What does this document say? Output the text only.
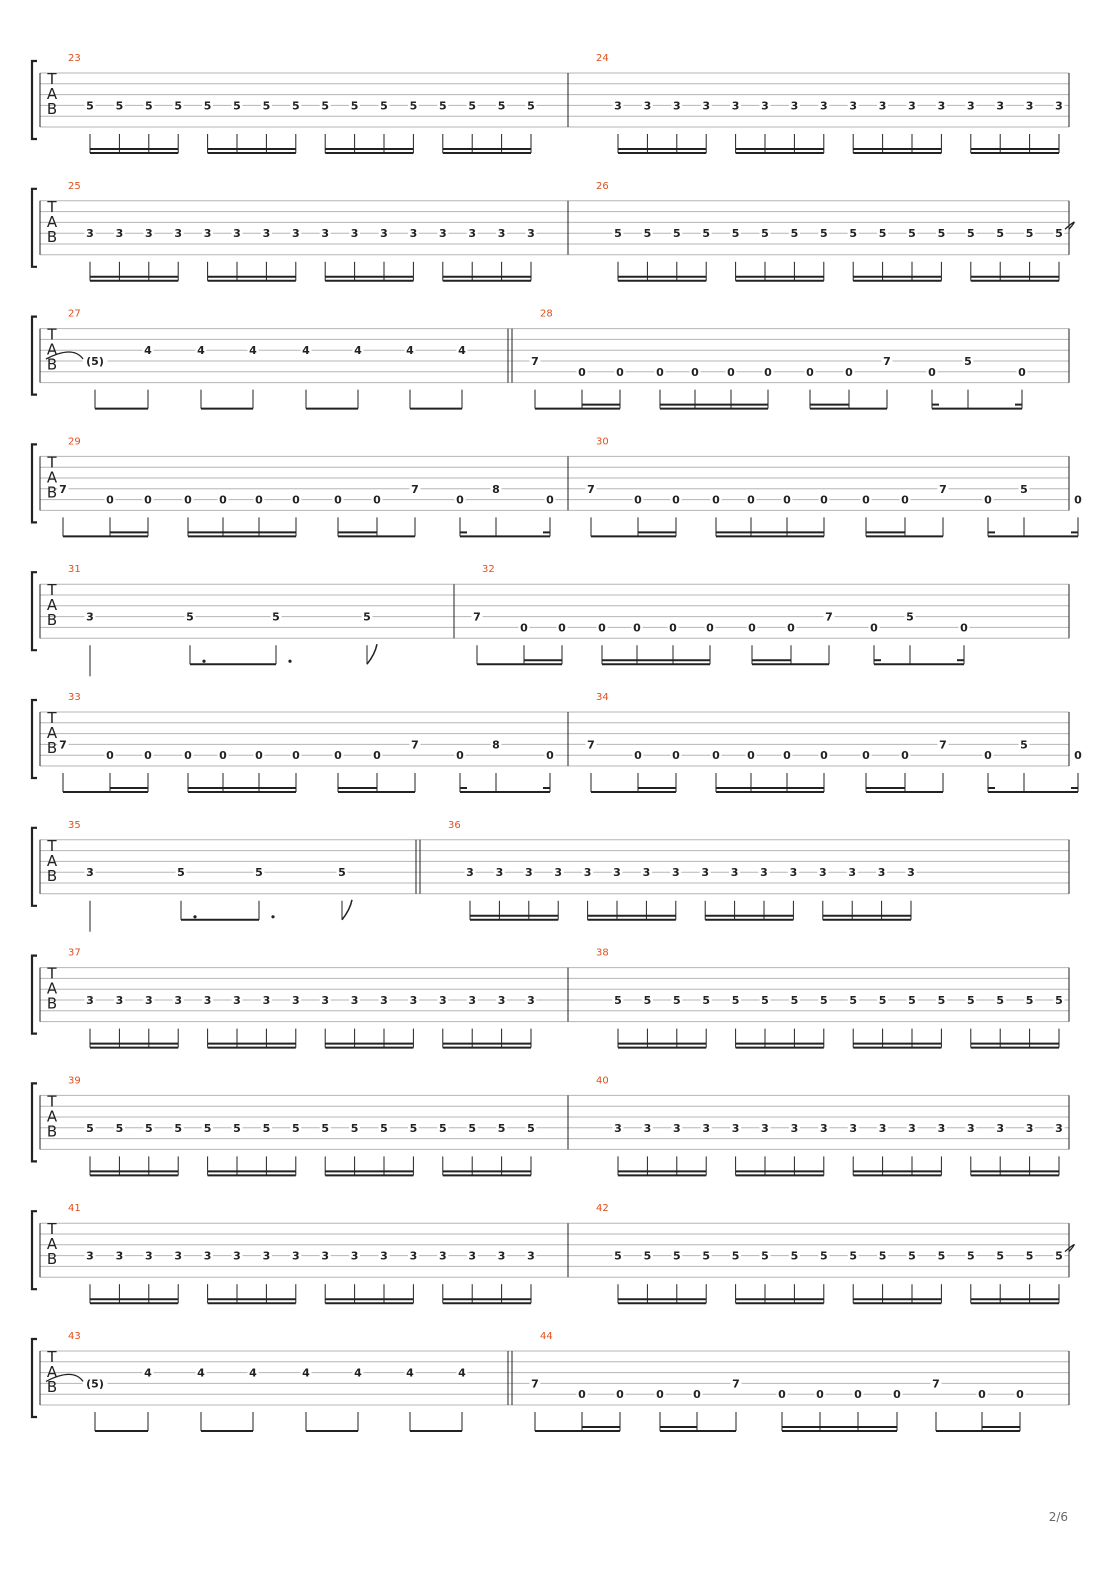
T
A
B
23
5 5 5 5 5 5 5 5 5 5 5 5 5 5 5 5
24
3 3 3 3 3 3 3 3 3 3 3 3 3 3 3 3
T
A
B
25
3 3 3 3 3 3 3 3 3 3 3 3 3 3 3 3
26
5 5 5 5 5 5 5 5 5 5 5 5 5 5 5 5
T
A
B
27
(5)
4	4	4	4	4	4	4
28
7
0	0	0 0	0	0	0	0
7
0
5
0
T
A
B
29
7
0	0	0 0	0	0	0	0
7
0
8
0
30
7
0	0	0 0	0	0	0	0
7
0
5
0
T
A
B
31
3	5	5	5
32
7
0	0	0 0	0	0	0	0
7
0
5
0
T
A
B
33
7
0	0	0 0	0	0	0	0
7
0
8
0
34
7
0	0	0 0	0	0	0	0
7
0
5
0
T
A
B
35
3	5	5	5
36
3 3 3 3 3 3 3 3 3 3 3 3 3 3 3 3
T
A
B
37
3 3 3 3 3 3 3 3 3 3 3 3 3 3 3 3
38
5 5 5 5 5 5 5 5 5 5 5 5 5 5 5 5
T
A
B
39
5 5 5 5 5 5 5 5 5 5 5 5 5 5 5 5
40
3 3 3 3 3 3 3 3 3 3 3 3 3 3 3 3
T
A
B
41
3 3 3 3 3 3 3 3 3 3 3 3 3 3 3 3
42
5 5 5 5 5 5 5 5 5 5 5 5 5 5 5 5
T
A
B
43
(5)
4	4	4	4	4	4	4
44
7
0	0	0	0
7
0	0	0	0
7
0	0
2/6
